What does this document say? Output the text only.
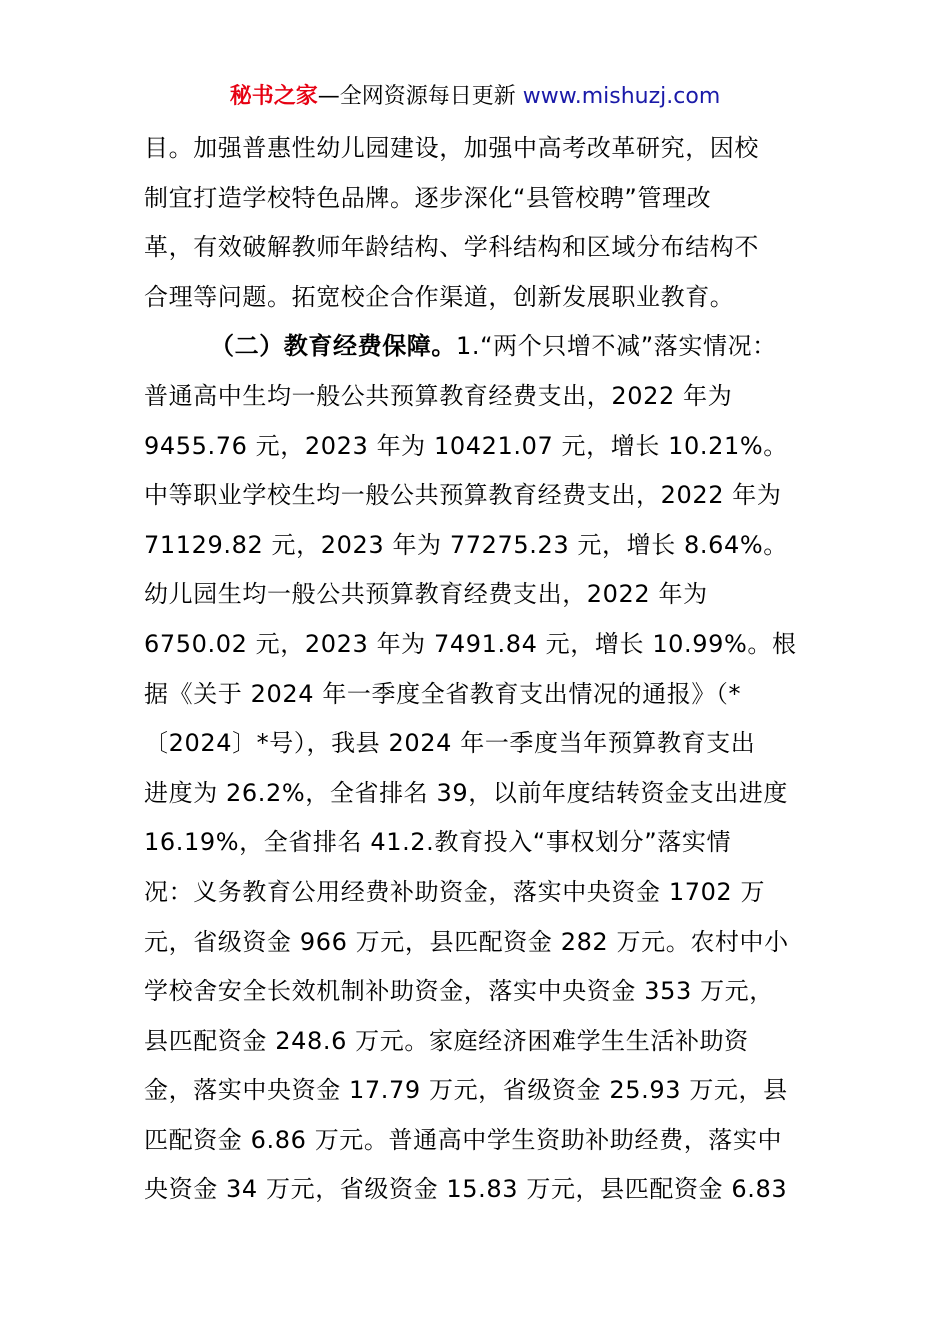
秘书之家—全网资源每日更新 www.mishuzj.com
目。加强普惠性幼儿园建设，加强中高考改革研究，因校
制宜打造学校特色品牌。逐步深化“县管校聘”管理改
革，有效破解教师年龄结构、学科结构和区域分布结构不
合理等问题。拓宽校企合作渠道，创新发展职业教育。
（二）教育经费保障。1.“两个只增不减”落实情况：
普通高中生均一般公共预算教育经费支出，2022 年为
9455.76 元，2023 年为 10421.07 元，增长 10.21%。
中等职业学校生均一般公共预算教育经费支出，2022 年为
71129.82 元，2023 年为 77275.23 元，增长 8.64%。
幼儿园生均一般公共预算教育经费支出，2022 年为
6750.02 元，2023 年为 7491.84 元，增长 10.99%。根
据《关于 2024 年一季度全省教育支出情况的通报》（*
〔2024〕*号），我县 2024 年一季度当年预算教育支出
进度为 26.2%，全省排名 39，以前年度结转资金支出进度
16.19%，全省排名 41.2.教育投入“事权划分”落实情
况：义务教育公用经费补助资金，落实中央资金 1702 万
元，省级资金 966 万元，县匹配资金 282 万元。农村中小
学校舍安全长效机制补助资金，落实中央资金 353 万元，
县匹配资金 248.6 万元。家庭经济困难学生生活补助资
金，落实中央资金 17.79 万元，省级资金 25.93 万元，县
匹配资金 6.86 万元。普通高中学生资助补助经费，落实中
央资金 34 万元，省级资金 15.83 万元，县匹配资金 6.83
